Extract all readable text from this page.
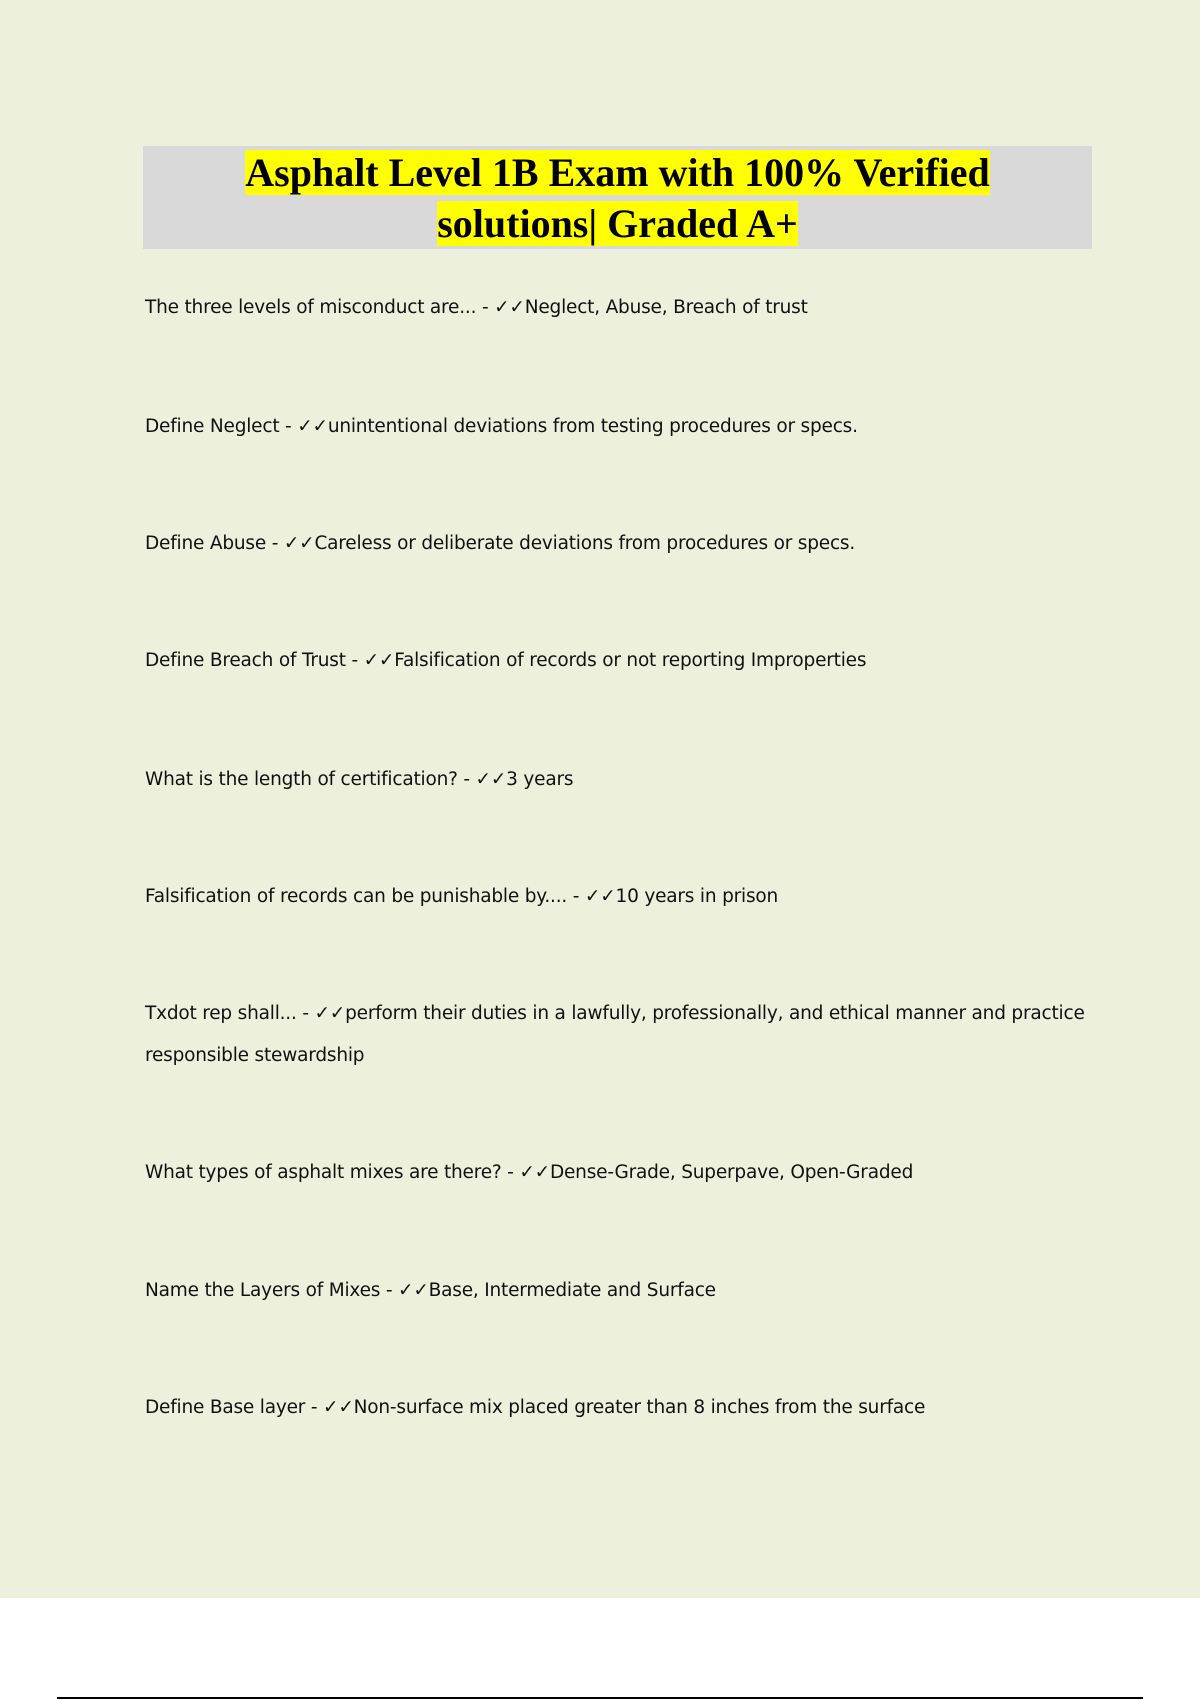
Asphalt Level 1B Exam with 100% Verified
solutions| Graded A+

The three levels of misconduct are... - ✓✓Neglect, Abuse, Breach of trust

Define Neglect - ✓✓unintentional deviations from testing procedures or specs.

Define Abuse - ✓✓Careless or deliberate deviations from procedures or specs.

Define Breach of Trust - ✓✓Falsification of records or not reporting Improperties

What is the length of certification? - ✓✓3 years

Falsification of records can be punishable by.... - ✓✓10 years in prison

Txdot rep shall... - ✓✓perform their duties in a lawfully, professionally, and ethical manner and practice responsible stewardship

What types of asphalt mixes are there? - ✓✓Dense-Grade, Superpave, Open-Graded

Name the Layers of Mixes - ✓✓Base, Intermediate and Surface

Define Base layer - ✓✓Non-surface mix placed greater than 8 inches from the surface
